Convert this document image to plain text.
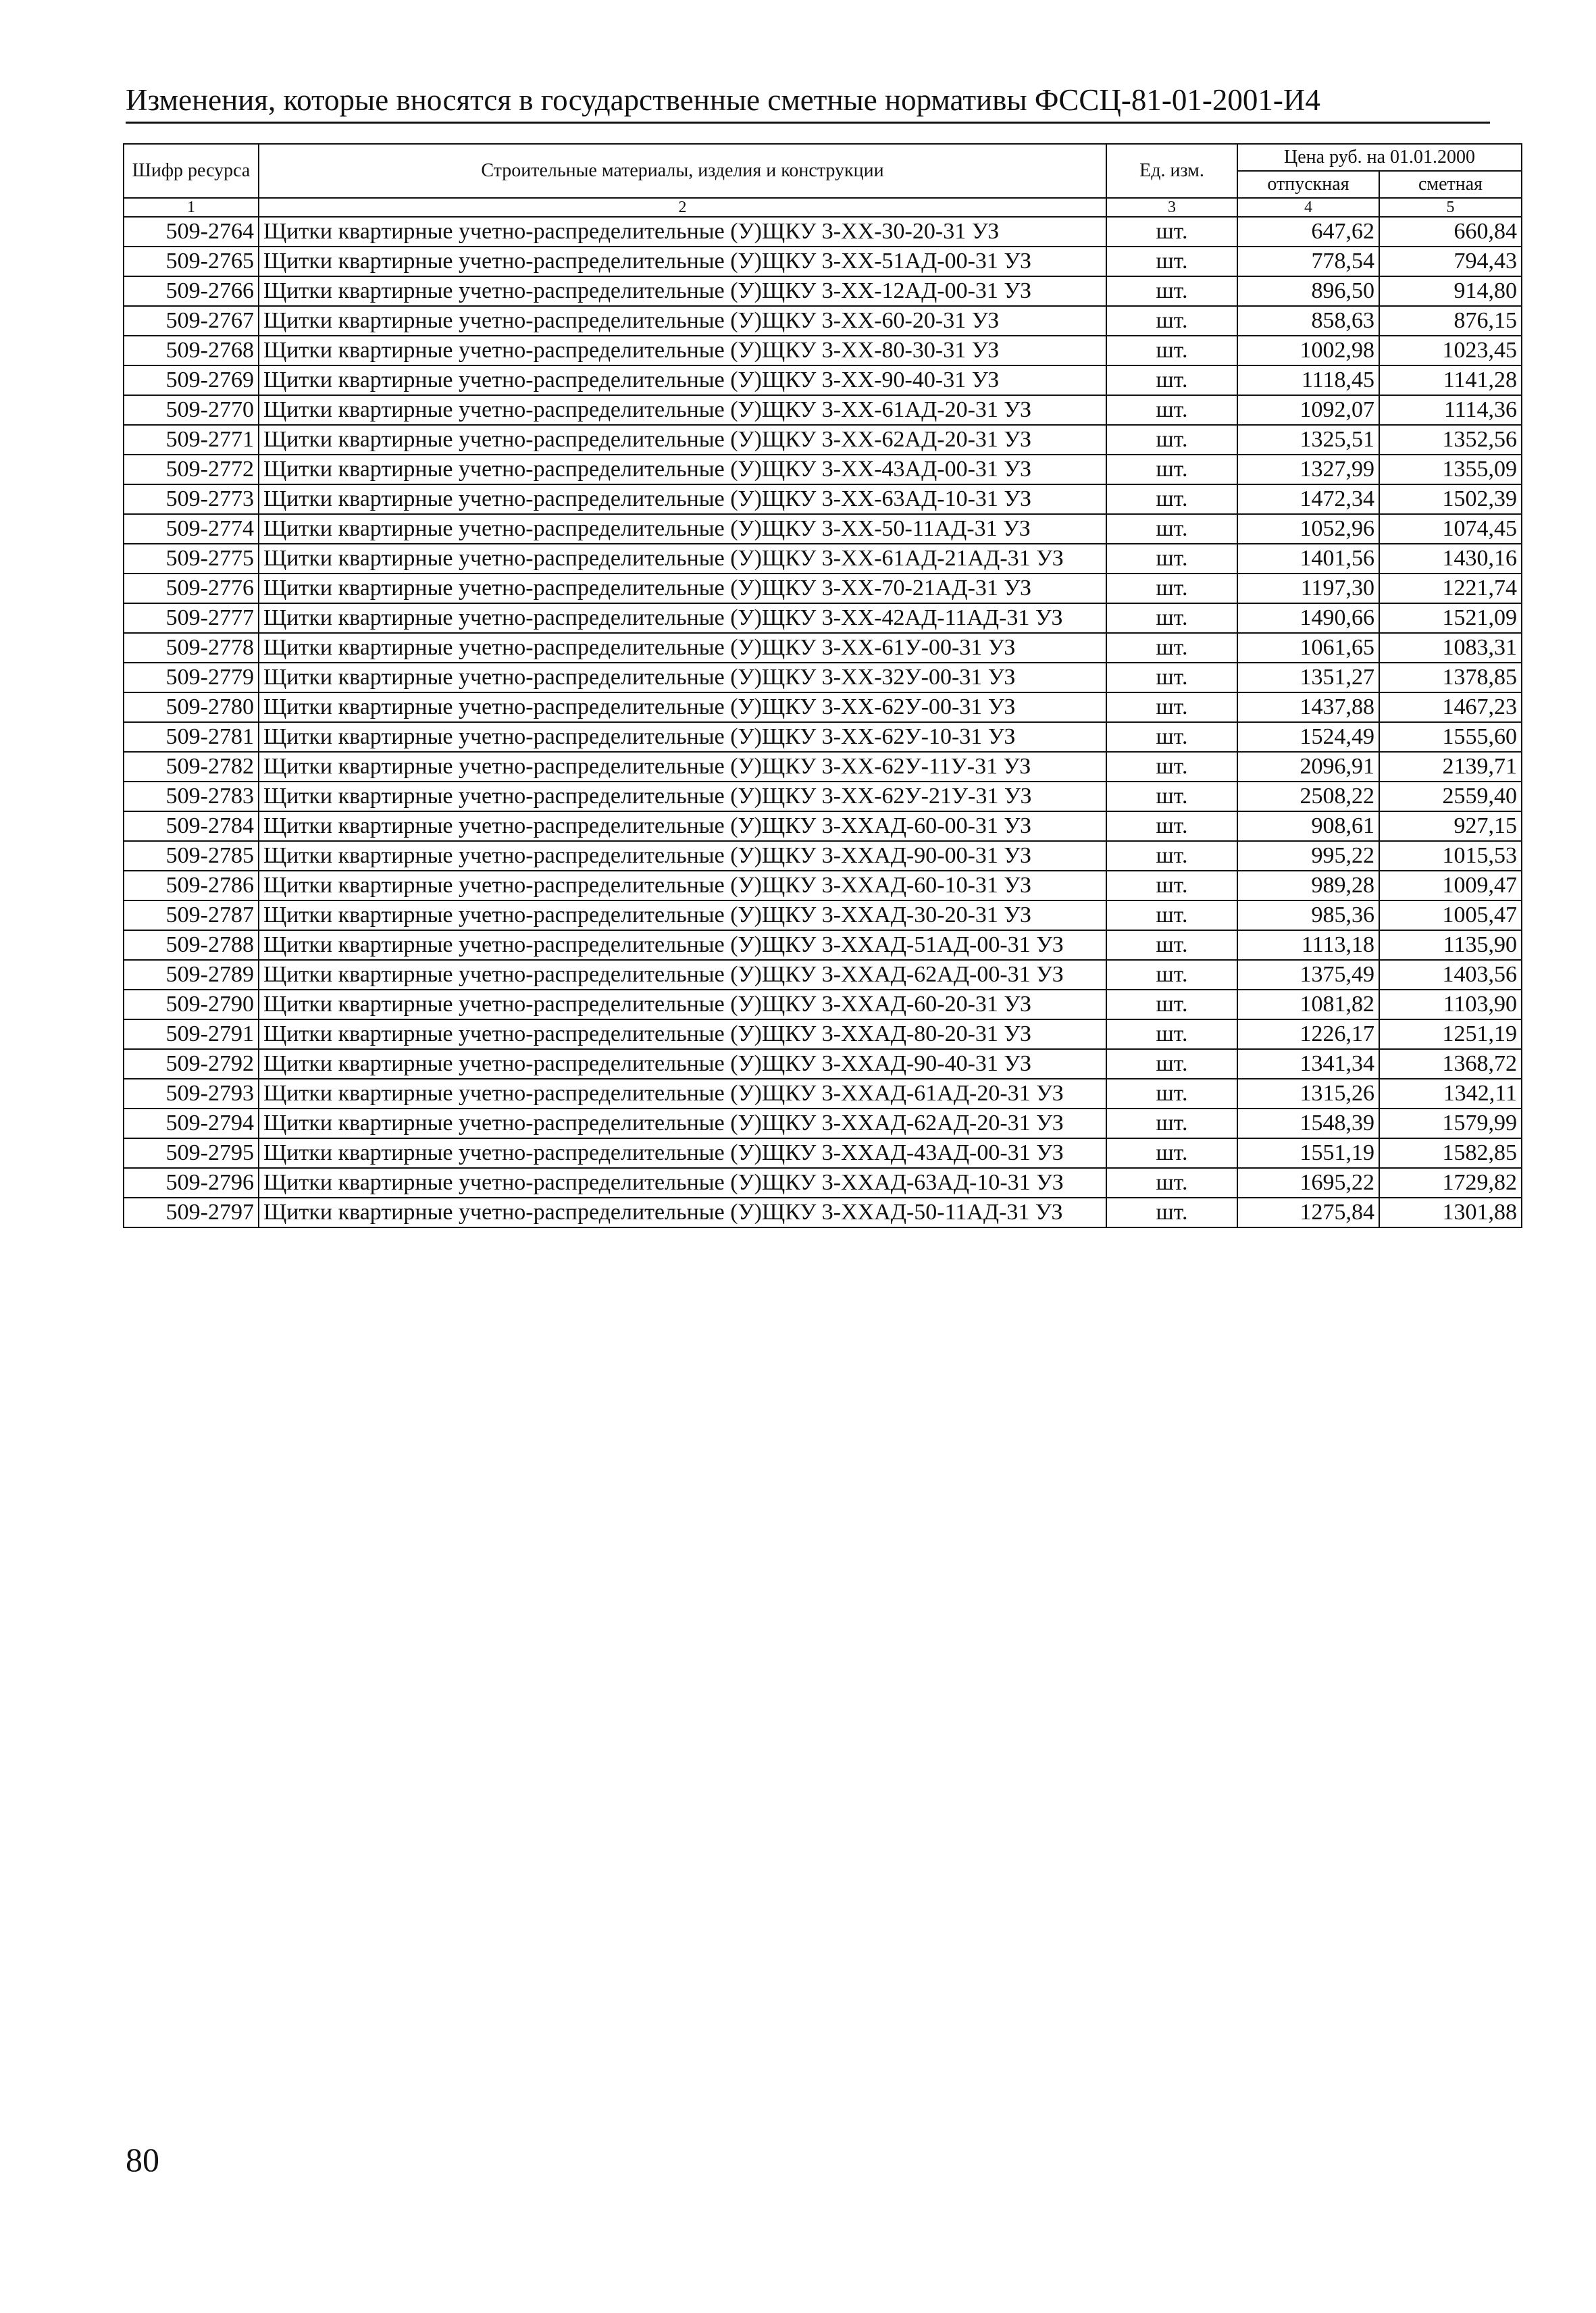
Изменения, которые вносятся в государственные сметные нормативы ФССЦ-81-01-2001-И4
Шифр ресурса	Строительные материалы, изделия и конструкции	Ед. изм.	Цена руб. на 01.01.2000	
			отпускная	сметная
1	2	3	4	5
509-2764	Щитки квартирные учетно-распределительные (У)ЩКУ 3-ХХ-30-20-31 УЗ	шт.	647,62	660,84
509-2765	Щитки квартирные учетно-распределительные (У)ЩКУ 3-ХХ-51АД-00-31 УЗ	шт.	778,54	794,43
509-2766	Щитки квартирные учетно-распределительные (У)ЩКУ 3-ХХ-12АД-00-31 УЗ	шт.	896,50	914,80
509-2767	Щитки квартирные учетно-распределительные (У)ЩКУ 3-ХХ-60-20-31 УЗ	шт.	858,63	876,15
509-2768	Щитки квартирные учетно-распределительные (У)ЩКУ 3-ХХ-80-30-31 УЗ	шт.	1002,98	1023,45
509-2769	Щитки квартирные учетно-распределительные (У)ЩКУ 3-ХХ-90-40-31 УЗ	шт.	1118,45	1141,28
509-2770	Щитки квартирные учетно-распределительные (У)ЩКУ 3-ХХ-61АД-20-31 УЗ	шт.	1092,07	1114,36
509-2771	Щитки квартирные учетно-распределительные (У)ЩКУ 3-ХХ-62АД-20-31 УЗ	шт.	1325,51	1352,56
509-2772	Щитки квартирные учетно-распределительные (У)ЩКУ 3-ХХ-43АД-00-31 УЗ	шт.	1327,99	1355,09
509-2773	Щитки квартирные учетно-распределительные (У)ЩКУ 3-ХХ-63АД-10-31 УЗ	шт.	1472,34	1502,39
509-2774	Щитки квартирные учетно-распределительные (У)ЩКУ 3-ХХ-50-11АД-31 УЗ	шт.	1052,96	1074,45
509-2775	Щитки квартирные учетно-распределительные (У)ЩКУ 3-ХХ-61АД-21АД-31 УЗ	шт.	1401,56	1430,16
509-2776	Щитки квартирные учетно-распределительные (У)ЩКУ 3-ХХ-70-21АД-31 УЗ	шт.	1197,30	1221,74
509-2777	Щитки квартирные учетно-распределительные (У)ЩКУ 3-ХХ-42АД-11АД-31 УЗ	шт.	1490,66	1521,09
509-2778	Щитки квартирные учетно-распределительные (У)ЩКУ 3-ХХ-61У-00-31 УЗ	шт.	1061,65	1083,31
509-2779	Щитки квартирные учетно-распределительные (У)ЩКУ 3-ХХ-32У-00-31 УЗ	шт.	1351,27	1378,85
509-2780	Щитки квартирные учетно-распределительные (У)ЩКУ 3-ХХ-62У-00-31 УЗ	шт.	1437,88	1467,23
509-2781	Щитки квартирные учетно-распределительные (У)ЩКУ 3-ХХ-62У-10-31 УЗ	шт.	1524,49	1555,60
509-2782	Щитки квартирные учетно-распределительные (У)ЩКУ 3-ХХ-62У-11У-31 УЗ	шт.	2096,91	2139,71
509-2783	Щитки квартирные учетно-распределительные (У)ЩКУ 3-ХХ-62У-21У-31 УЗ	шт.	2508,22	2559,40
509-2784	Щитки квартирные учетно-распределительные (У)ЩКУ 3-ХХАД-60-00-31 УЗ	шт.	908,61	927,15
509-2785	Щитки квартирные учетно-распределительные (У)ЩКУ 3-ХХАД-90-00-31 УЗ	шт.	995,22	1015,53
509-2786	Щитки квартирные учетно-распределительные (У)ЩКУ 3-ХХАД-60-10-31 УЗ	шт.	989,28	1009,47
509-2787	Щитки квартирные учетно-распределительные (У)ЩКУ 3-ХХАД-30-20-31 УЗ	шт.	985,36	1005,47
509-2788	Щитки квартирные учетно-распределительные (У)ЩКУ 3-ХХАД-51АД-00-31 УЗ	шт.	1113,18	1135,90
509-2789	Щитки квартирные учетно-распределительные (У)ЩКУ 3-ХХАД-62АД-00-31 УЗ	шт.	1375,49	1403,56
509-2790	Щитки квартирные учетно-распределительные (У)ЩКУ 3-ХХАД-60-20-31 УЗ	шт.	1081,82	1103,90
509-2791	Щитки квартирные учетно-распределительные (У)ЩКУ 3-ХХАД-80-20-31 УЗ	шт.	1226,17	1251,19
509-2792	Щитки квартирные учетно-распределительные (У)ЩКУ 3-ХХАД-90-40-31 УЗ	шт.	1341,34	1368,72
509-2793	Щитки квартирные учетно-распределительные (У)ЩКУ 3-ХХАД-61АД-20-31 УЗ	шт.	1315,26	1342,11
509-2794	Щитки квартирные учетно-распределительные (У)ЩКУ 3-ХХАД-62АД-20-31 УЗ	шт.	1548,39	1579,99
509-2795	Щитки квартирные учетно-распределительные (У)ЩКУ 3-ХХАД-43АД-00-31 УЗ	шт.	1551,19	1582,85
509-2796	Щитки квартирные учетно-распределительные (У)ЩКУ 3-ХХАД-63АД-10-31 УЗ	шт.	1695,22	1729,82
509-2797	Щитки квартирные учетно-распределительные (У)ЩКУ 3-ХХАД-50-11АД-31 УЗ	шт.	1275,84	1301,88
80
